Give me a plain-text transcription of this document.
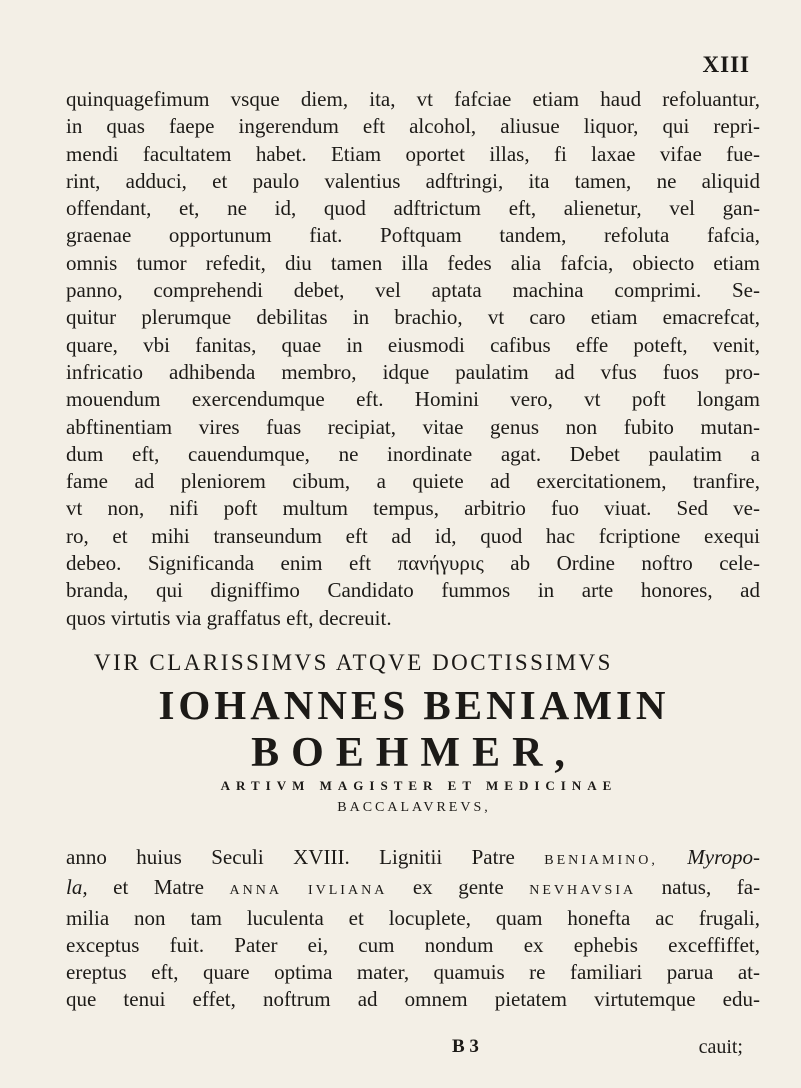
XIII
quinquagefimum vsque diem, ita, vt fafciae etiam haud refoluantur,
in quas faepe ingerendum eft alcohol, aliusue liquor, qui repri-
mendi facultatem habet. Etiam oportet illas, fi laxae vifae fue-
rint, adduci, et paulo valentius adftringi, ita tamen, ne aliquid
offendant, et, ne id, quod adftrictum eft, alienetur, vel gan-
graenae opportunum fiat. Poftquam tandem, refoluta fafcia,
omnis tumor refedit, diu tamen illa fedes alia fafcia, obiecto etiam
panno, comprehendi debet, vel aptata machina comprimi. Se-
quitur plerumque debilitas in brachio, vt caro etiam emacrefcat,
quare, vbi fanitas, quae in eiusmodi cafibus effe poteft, venit,
infricatio adhibenda membro, idque paulatim ad vfus fuos pro-
mouendum exercendumque eft. Homini vero, vt poft longam
abftinentiam vires fuas recipiat, vitae genus non fubito mutan-
dum eft, cauendumque, ne inordinate agat. Debet paulatim a
fame ad pleniorem cibum, a quiete ad exercitationem, tranfire,
vt non, nifi poft multum tempus, arbitrio fuo viuat. Sed ve-
ro, et mihi transeundum eft ad id, quod hac fcriptione exequi
debeo. Significanda enim eft πανήγυρις ab Ordine noftro cele-
branda, qui digniffimo Candidato fummos in arte honores, ad
quos virtutis via graffatus eft, decreuit.
VIR CLARISSIMVS ATQVE DOCTISSIMVS
IOHANNES BENIAMIN
BOEHMER,
ARTIVM MAGISTER ET MEDICINAE
BACCALAVREVS,
anno huius Seculi XVIII. Lignitii Patre BENIAMINO, Myropo-
la, et Matre ANNA IVLIANA ex gente NEVHAVSIA natus, fa-
milia non tam luculenta et locuplete, quam honefta ac frugali,
exceptus fuit. Pater ei, cum nondum ex ephebis exceffiffet,
ereptus eft, quare optima mater, quamuis re familiari parua at-
que tenui effet, noftrum ad omnem pietatem virtutemque edu-
B 3	cauit;
